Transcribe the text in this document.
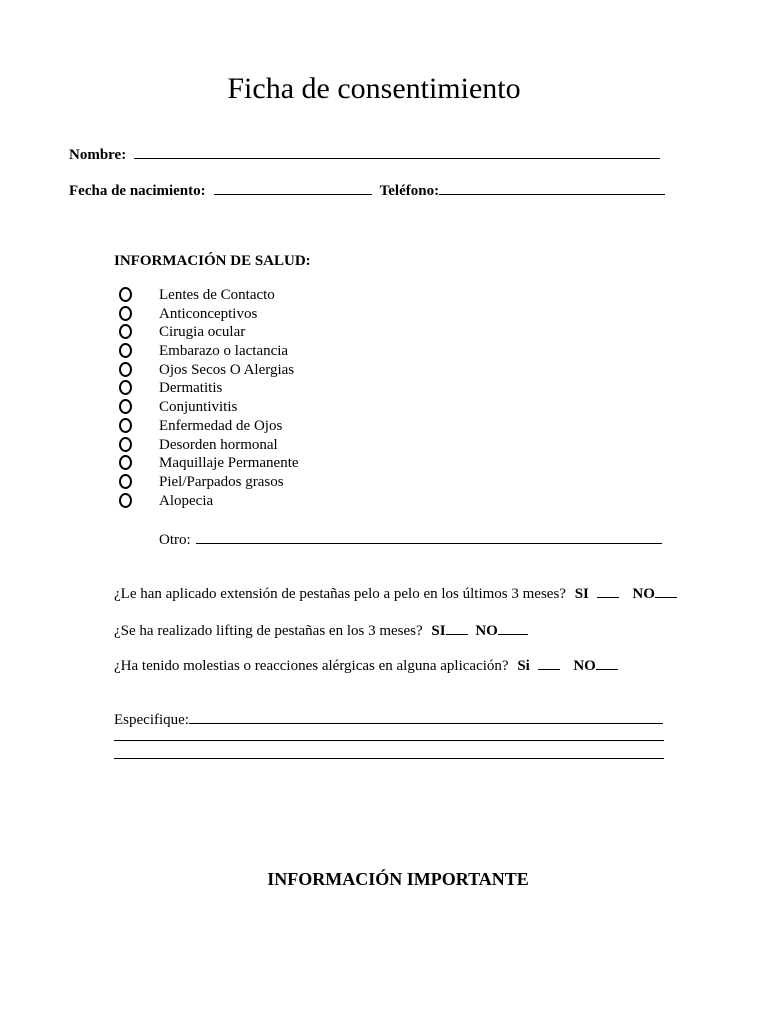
Ficha de consentimiento
Nombre:
Fecha de nacimiento:	Teléfono:
INFORMACIÓN DE SALUD:
Lentes de Contacto
Anticonceptivos
Cirugia ocular
Embarazo o lactancia
Ojos Secos O Alergias
Dermatitis
Conjuntivitis
Enfermedad de Ojos
Desorden hormonal
Maquillaje Permanente
Piel/Parpados grasos
Alopecia
Otro:
¿Le han aplicado extensión de pestañas pelo a pelo en los últimos 3 meses? SI	NO
¿Se ha realizado lifting de pestañas en los 3 meses? SI NO
¿Ha tenido molestias o reacciones alérgicas en alguna aplicación? Si	NO
Especifique:
INFORMACIÓN IMPORTANTE
